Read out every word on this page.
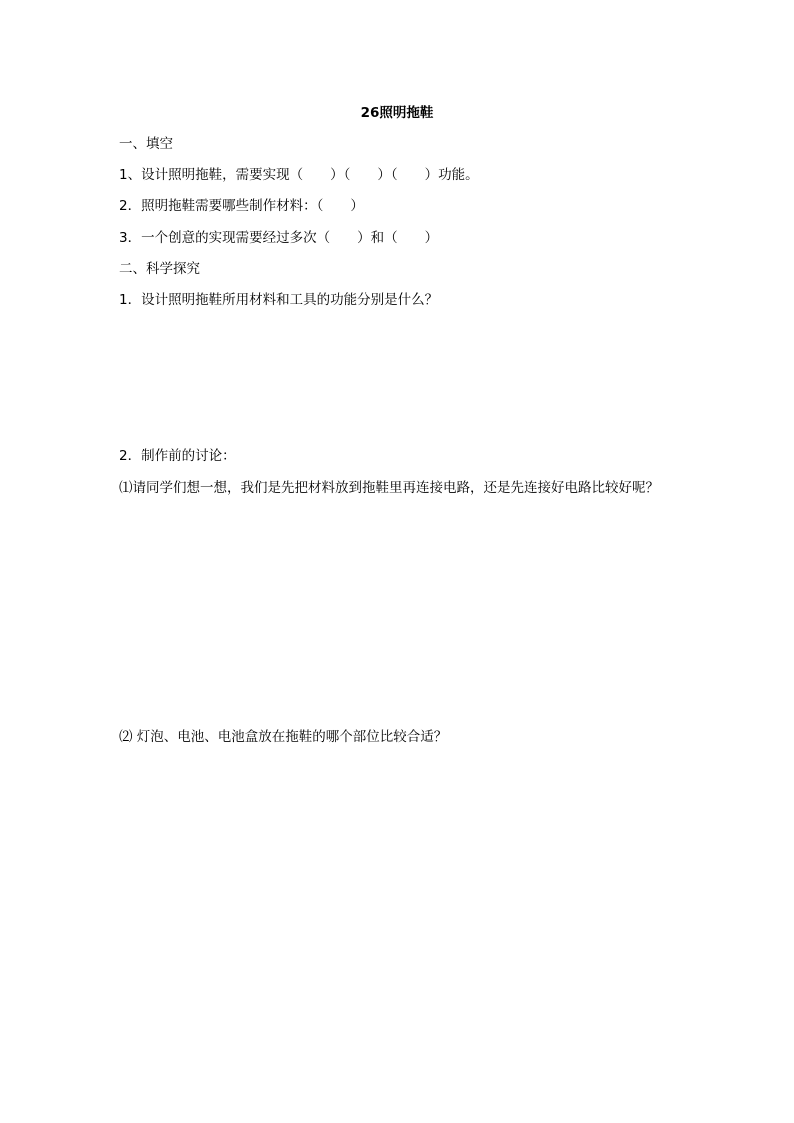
26照明拖鞋
一、填空
1、设计照明拖鞋，需要实现（　　）（　　）（　　）功能。
2．照明拖鞋需要哪些制作材料：（　　）
3．一个创意的实现需要经过多次（　　）和（　　）
二、科学探究
1．设计照明拖鞋所用材料和工具的功能分别是什么？
2．制作前的讨论：
⑴请同学们想一想，我们是先把材料放到拖鞋里再连接电路，还是先连接好电路比较好呢？
⑵ 灯泡、电池、电池盒放在拖鞋的哪个部位比较合适？
